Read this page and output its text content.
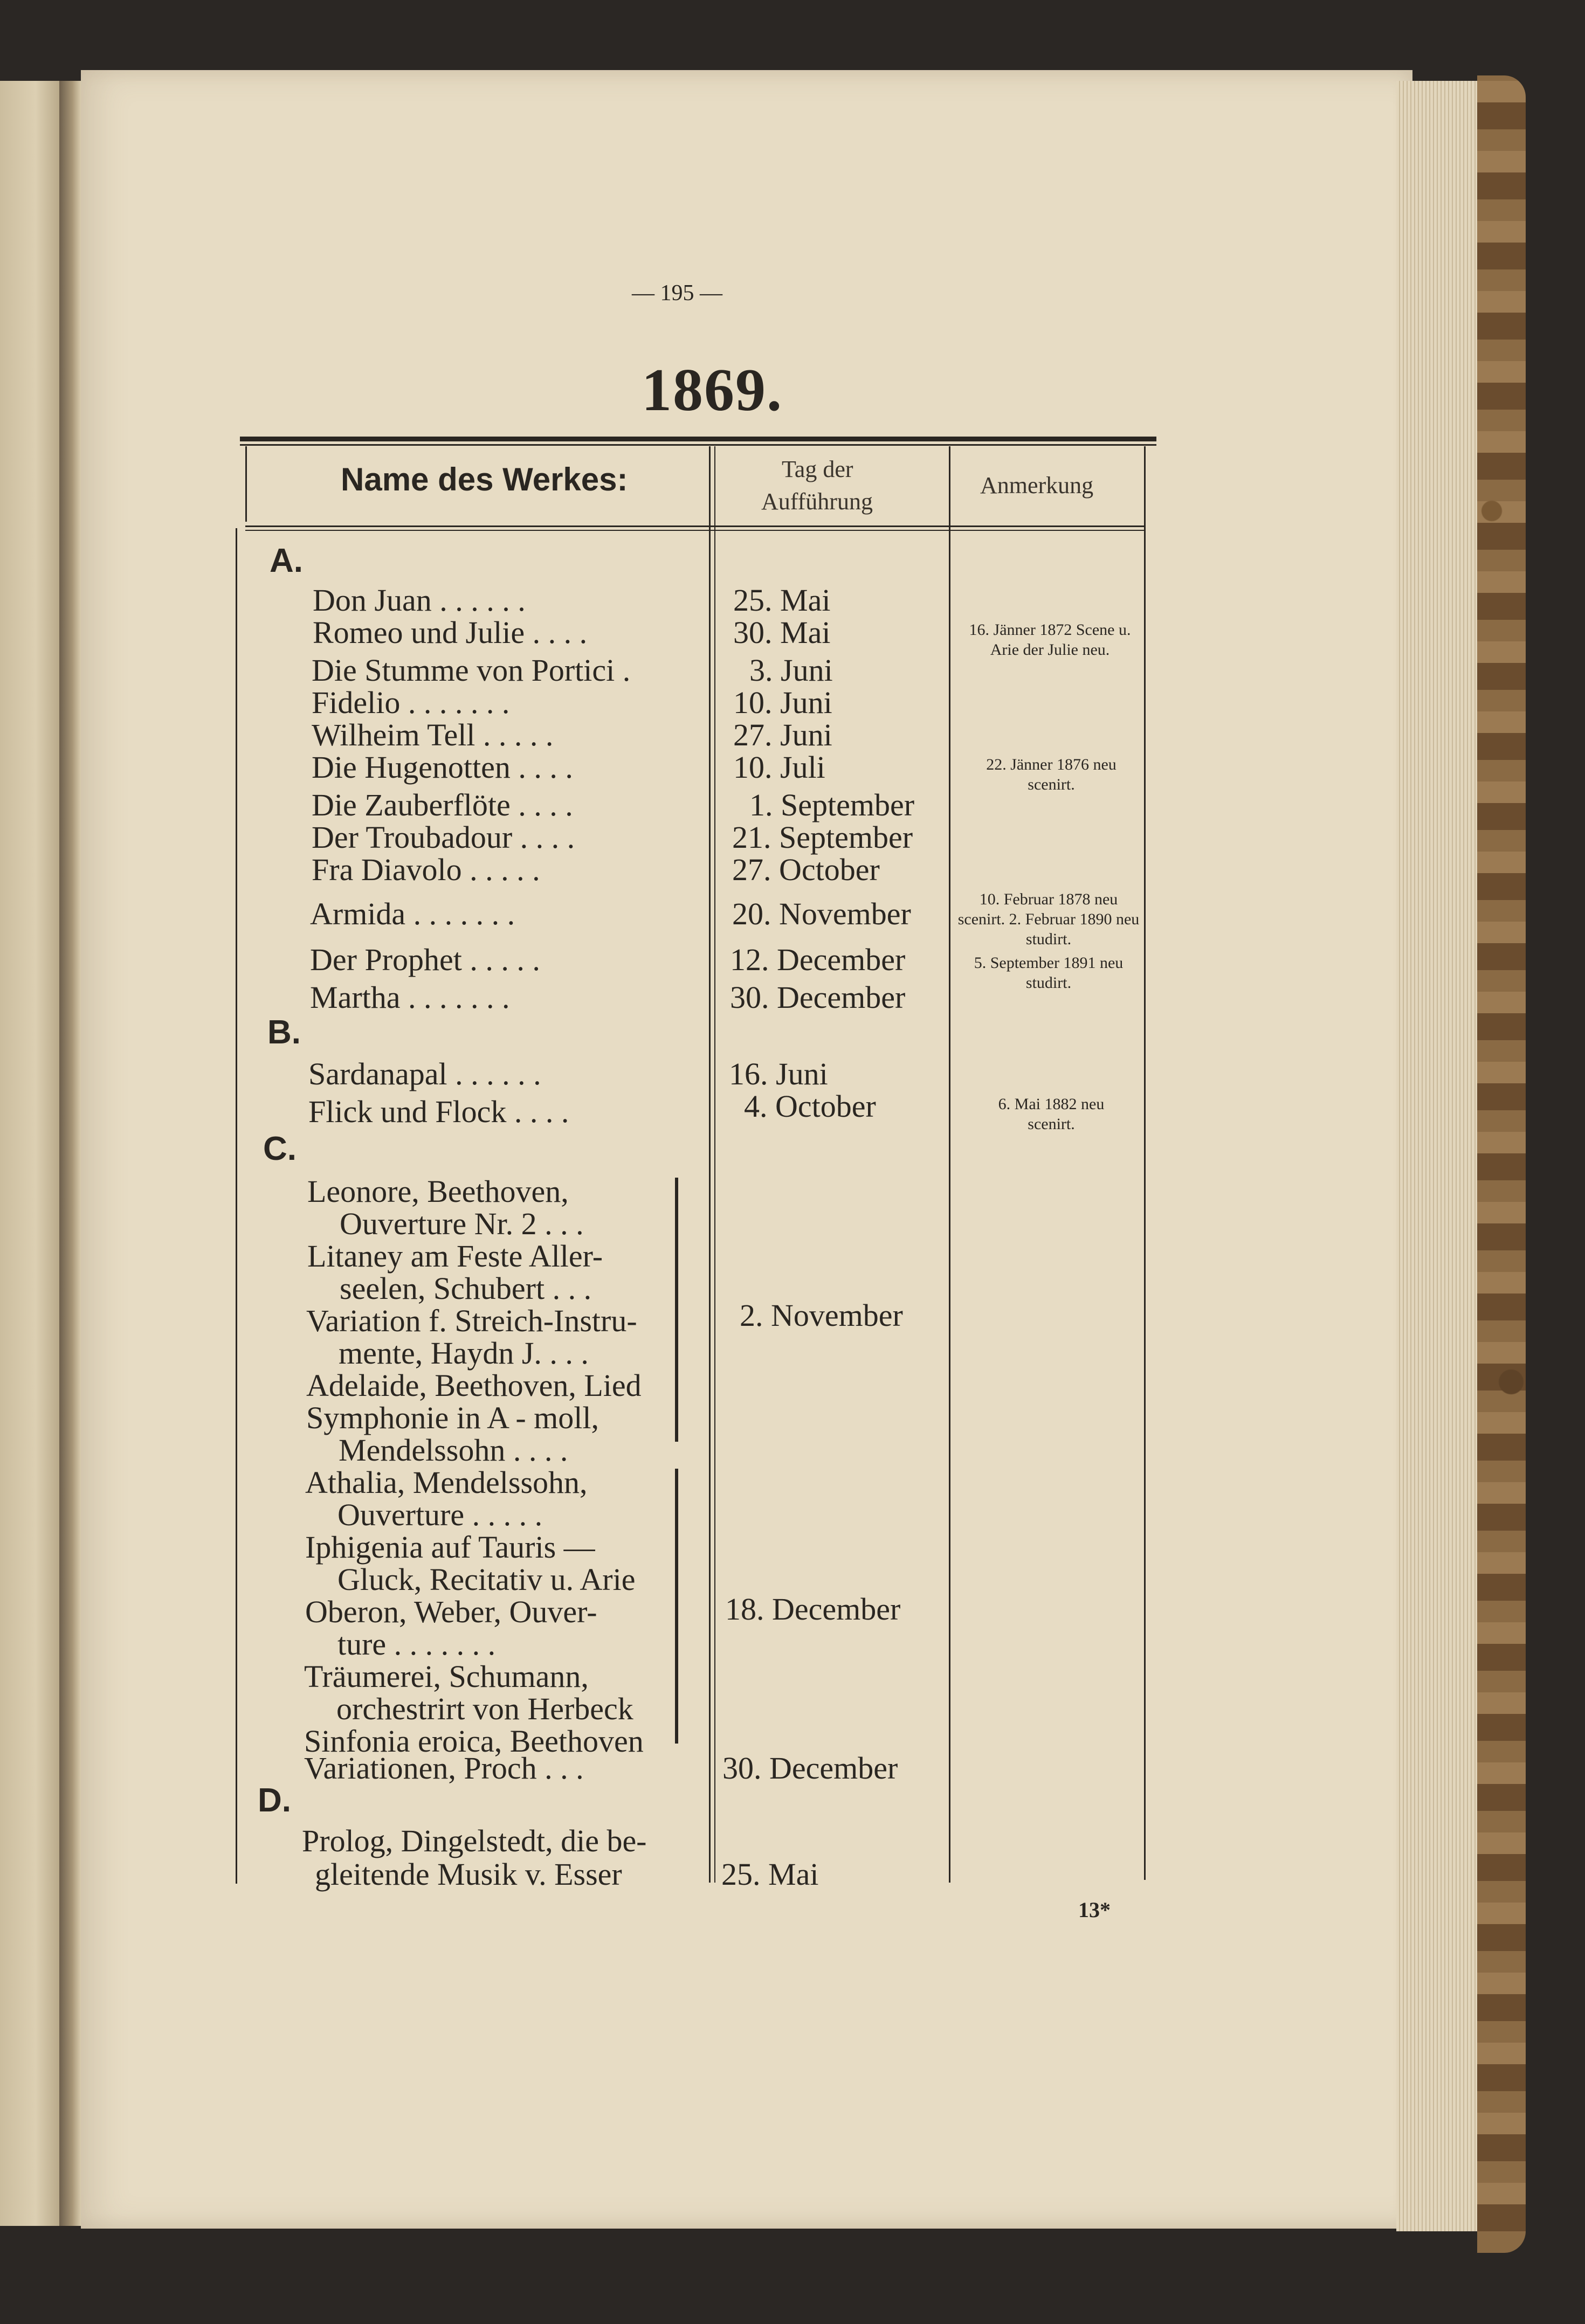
— 195 —
1869.
Name des Werkes:	Tag der
Aufführung
Anmerkung
A.
B.
C.
D.
Don Juan . . . . . .
Romeo und Julie . . . .
Die Stumme von Portici .
Fidelio . . . . . . .
Wilheim Tell . . . . .
Die Hugenotten . . . .
Die Zauberflöte . . . .
Der Troubadour . . . .
Fra Diavolo . . . . .
Armida . . . . . . .
Der Prophet . . . . .
Martha . . . . . . .
Sardanapal . . . . . .
Flick und Flock . . . .
Leonore, Beethoven,
Ouverture Nr. 2 . . .
Litaney am Feste Aller-
seelen, Schubert . . .
Variation f. Streich-Instru-
mente, Haydn J. . . .
Adelaide, Beethoven, Lied
Symphonie in A - moll,
Mendelssohn . . . .
Athalia, Mendelssohn,
Ouverture . . . . .
Iphigenia auf Tauris —
Gluck, Recitativ u. Arie
Oberon, Weber, Ouver-
ture . . . . . . .
Träumerei, Schumann,
orchestrirt von Herbeck
Sinfonia eroica, Beethoven
Variationen, Proch . . .
Prolog, Dingelstedt, die be-
gleitende Musik v. Esser
25. Mai
30. Mai
3. Juni
10. Juni
27. Juni
10. Juli
1. September
21. September
27. October
20. November
12. December
30. December
16. Juni
4. October
2. November
18. December
30. December
25. Mai
16. Jänner 1872 Scene u. Arie der Julie neu.
22. Jänner 1876 neu scenirt.
10. Februar 1878 neu scenirt. 2. Februar 1890 neu studirt.
5. September 1891 neu studirt.
6. Mai 1882 neu scenirt.
13*
